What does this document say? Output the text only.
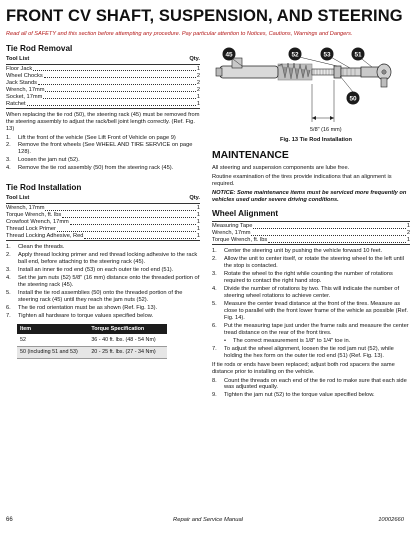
FRONT CV SHAFT, SUSPENSION, AND STEERING
Read all of SAFETY and this section before attempting any procedure. Pay particular attention to Notices, Cautions, Warnings and Dangers.
Tie Rod Removal
Tool List	Qty.
Floor Jack	1
Wheel Chocks	2
Jack Stands	2
Wrench, 17mm	2
Socket, 17mm	1
Ratchet	1

When replacing the tie rod (50), the steering rack (45) must be removed from the steering assembly to adjust the rack/bell joint length correctly. (Ref. Fig. 13)

1.	Lift the front of the vehicle (See Lift Front of Vehicle on page 9)
2.	Remove the front wheels (See WHEEL AND TIRE SERVICE on page 128).
3.	Loosen the jam nut (52).
4.	Remove the tie rod assembly (50) from the steering rack (45).
Tie Rod Installation
Tool List	Qty.
Wrench, 17mm	1
Torque Wrench, ft. lbs	1
Crowfoot Wrench, 17mm	1
Thread Lock Primer	1
Thread Locking Adhesive, Red	1
1.	Clean the threads.
2.	Apply thread locking primer and red thread locking adhesive to the rack ball end, before attaching to the steering rack (45).
3.	Install an inner tie rod end (53) on each outer tie rod end (51).
4.	Set the jam nuts (52) 5/8" (16 mm) distance onto the threaded portion of the steering rack (45).
5.	Install the tie rod assemblies (50) onto the threaded portion of the steering rack (45) until they reach the jam nuts (52).
6.	The tie rod orientation must be as shown (Ref. Fig. 13).
7.	Tighten all hardware to torque values specified below.
Item	Torque Specification
52	36 - 40 ft. lbs. (48 - 54 Nm)
50 (including 51 and 53)	20 - 25 ft. lbs. (27 - 34 Nm)
45	52	53	51
50
5/8" (16 mm)
Fig. 13 Tie Rod Installation
MAINTENANCE

All steering and suspension components are lube free.

Routine examination of the tires provide indications that an alignment is required.

NOTICE: Some maintenance items must be serviced more frequently on vehicles used under severe driving conditions.

Wheel Alignment
Measuring Tape	1
Wrench, 17mm	2
Torque Wrench, ft. lbs	1
1.	Center the steering unit by pushing the vehicle forward 10 feet.
2.	Allow the unit to center itself, or rotate the steering wheel to the left until the stop is contacted.
3.	Rotate the wheel to the right while counting the number of rotations required to contact the right hand stop.
4.	Divide the number of rotations by two. This will indicate the number of steering wheel rotations to achieve center.
5.	Measure the center tread distance at the front of the tires. Measure as close to parallel with the front lower frame of the vehicle as possible (Ref. Fig. 14).
6.	Put the measuring tape just under the frame rails and measure the center tread distance on the rear of the front tires.
•	The correct measurement is 1/8" to 1/4" toe in.
7.	To adjust the wheel alignment, loosen the tie rod jam nut (52), while holding the hex form on the outer tie rod end (51) (Ref. Fig. 13).

If tie rods or ends have been replaced; adjust both rod spacers the same distance prior to installing on the vehicle.

8.	Count the threads on each end of the tie rod to make sure that each side was adjusted equally.
9.	Tighten the jam nut (52) to the torque value specified below.
66	Repair and Service Manual	10002660
